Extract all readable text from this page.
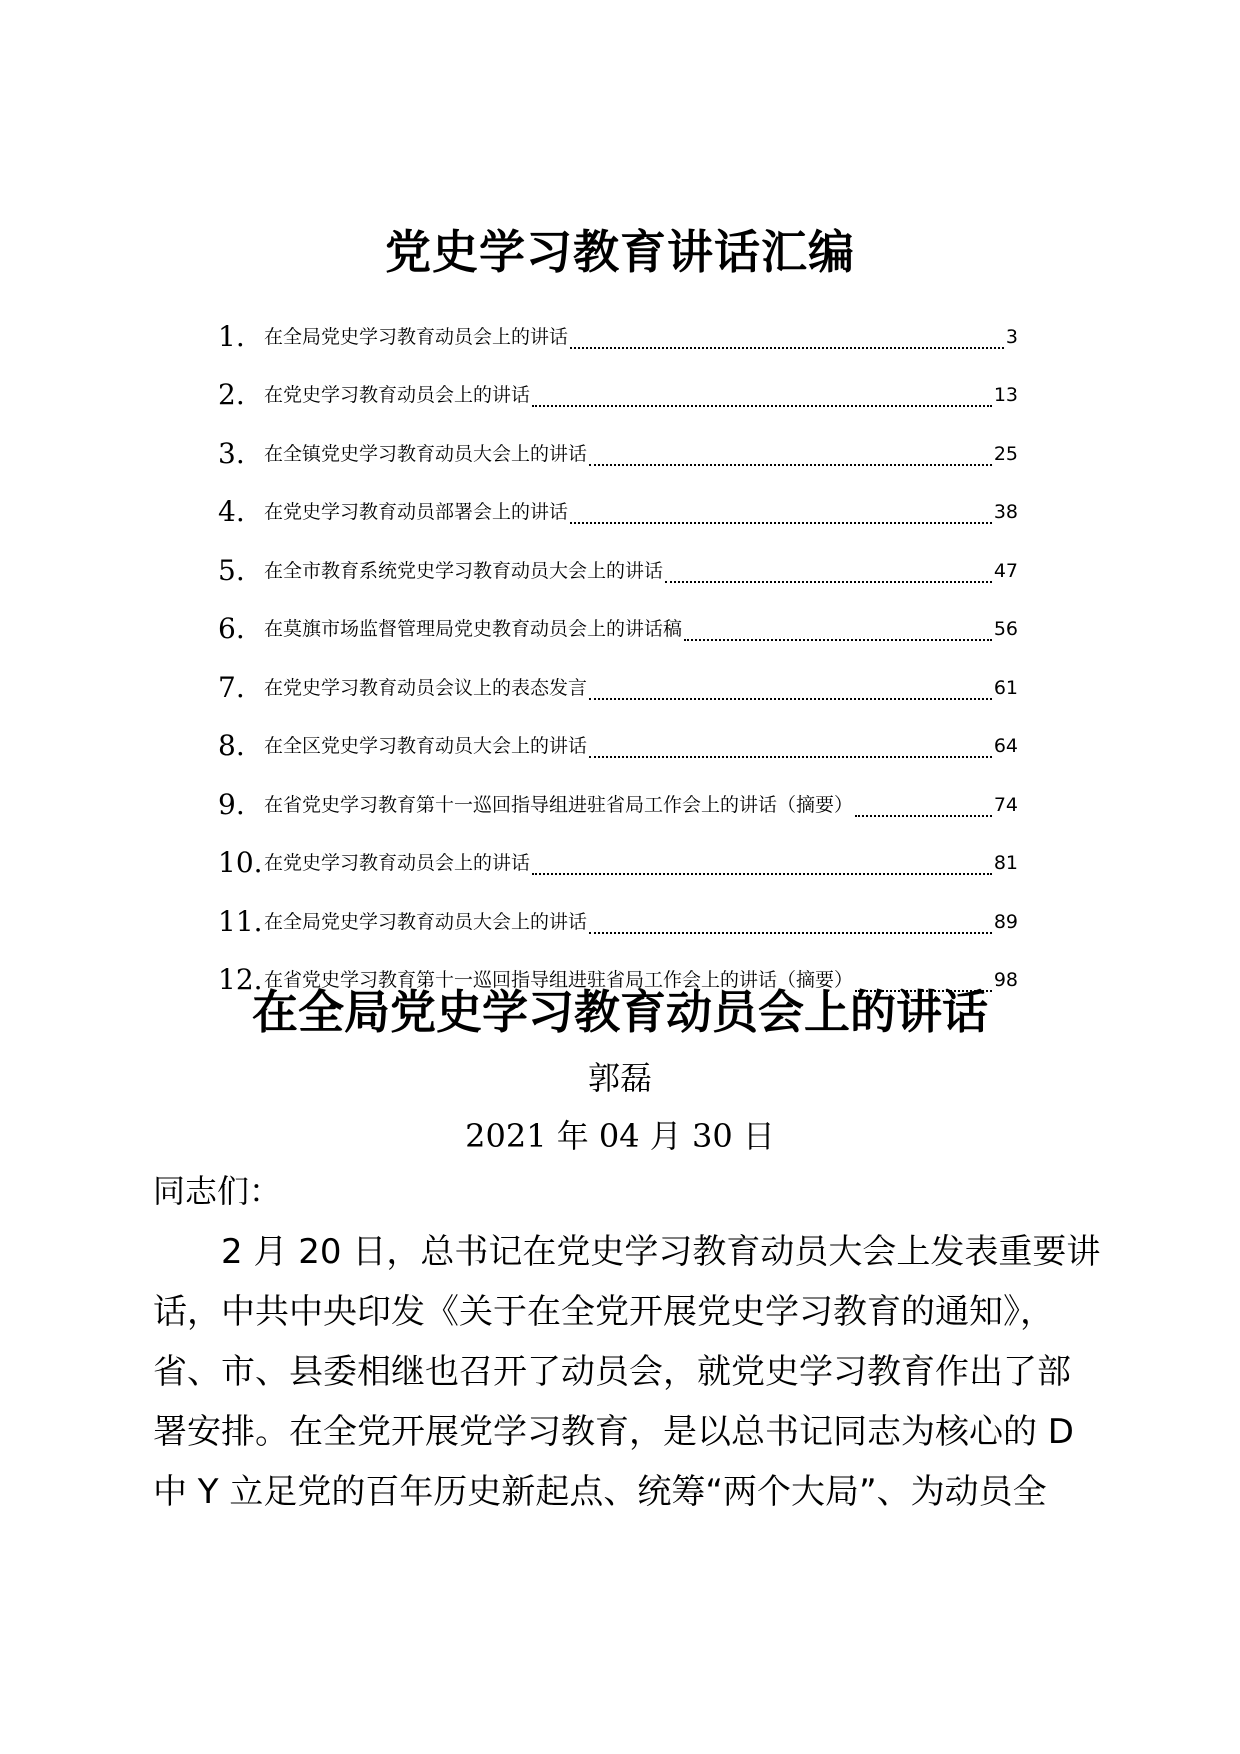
党史学习教育讲话汇编
1.	在全局党史学习教育动员会上的讲话	3
2.	在党史学习教育动员会上的讲话	13
3.	在全镇党史学习教育动员大会上的讲话	25
4.	在党史学习教育动员部署会上的讲话	38
5.	在全市教育系统党史学习教育动员大会上的讲话	47
6.	在莫旗市场监督管理局党史教育动员会上的讲话稿	56
7.	在党史学习教育动员会议上的表态发言	61
8.	在全区党史学习教育动员大会上的讲话	64
9.	在省党史学习教育第十一巡回指导组进驻省局工作会上的讲话（摘要）	74
10. 在党史学习教育动员会上的讲话	81
11. 在全局党史学习教育动员大会上的讲话	89
12. 在省党史学习教育第十一巡回指导组进驻省局工作会上的讲话（摘要）	98
在全局党史学习教育动员会上的讲话
郭磊
2021 年 04 月 30 日
同志们：
2 月 20 日，总书记在党史学习教育动员大会上发表重要讲
话，中共中央印发《关于在全党开展党史学习教育的通知》，
省、市、县委相继也召开了动员会，就党史学习教育作出了部
署安排。在全党开展党学习教育，是以总书记同志为核心的 D
中 Y 立足党的百年历史新起点、统筹“两个大局”、为动员全
